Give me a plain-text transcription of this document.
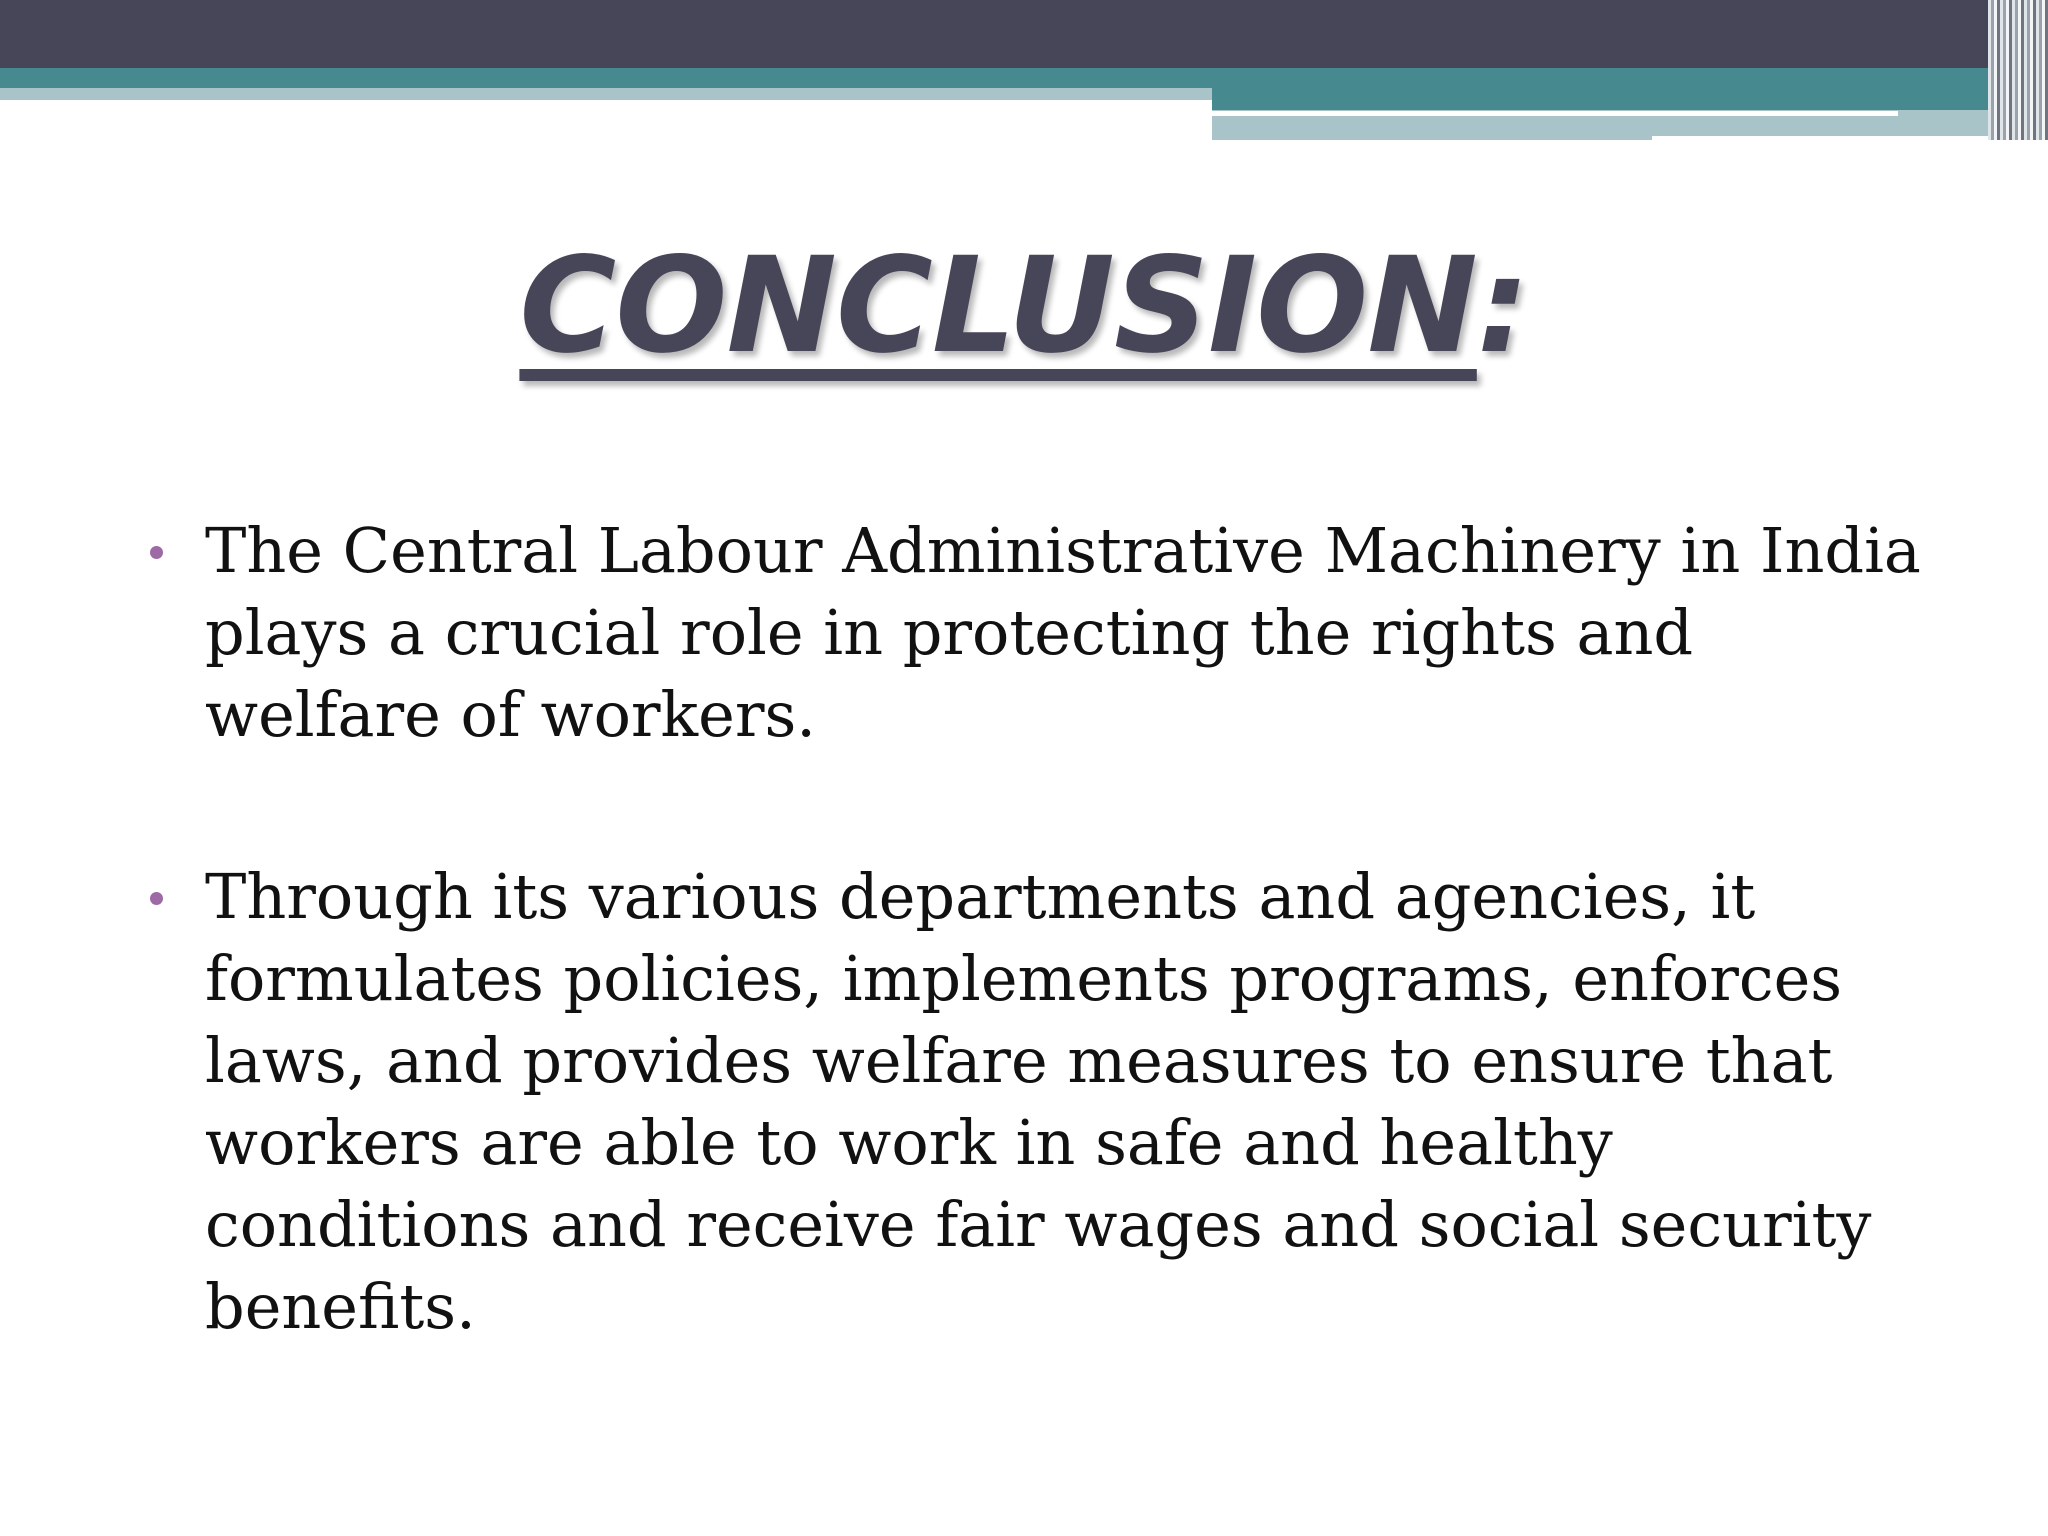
CONCLUSION:
The Central Labour Administrative Machinery in India plays a crucial role in protecting the rights and welfare of workers.
Through its various departments and agencies, it formulates policies, implements programs, enforces laws, and provides welfare measures to ensure that workers are able to work in safe and healthy conditions and receive fair wages and social security benefits.
